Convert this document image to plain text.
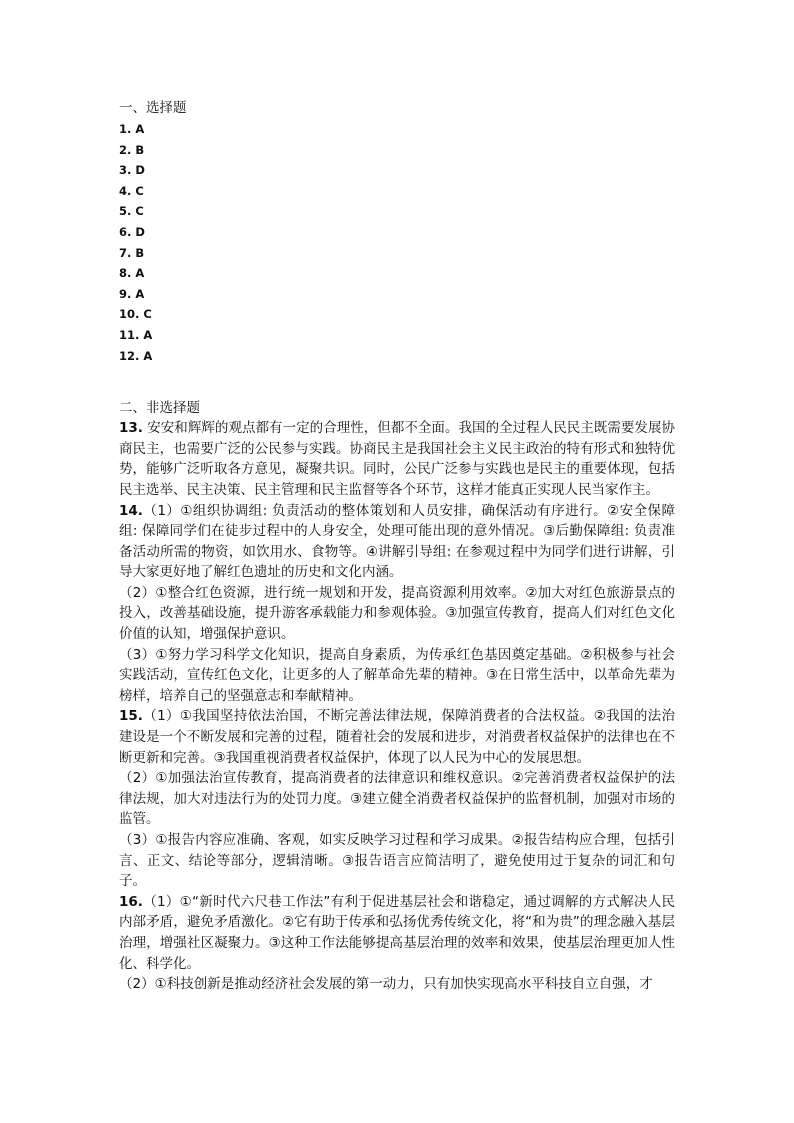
一、选择题
1. A
2. B
3. D
4. C
5. C
6. D
7. B
8. A
9. A
10. C
11. A
12. A
二、非选择题

13. 安安和辉辉的观点都有一定的合理性，但都不全面。我国的全过程人民民主既需要发展协商民主，也需要广泛的公民参与实践。协商民主是我国社会主义民主政治的特有形式和独特优势，能够广泛听取各方意见，凝聚共识。同时，公民广泛参与实践也是民主的重要体现，包括民主选举、民主决策、民主管理和民主监督等各个环节，这样才能真正实现人民当家作主。

14.（1）①组织协调组: 负责活动的整体策划和人员安排，确保活动有序进行。②安全保障组: 保障同学们在徒步过程中的人身安全，处理可能出现的意外情况。③后勤保障组: 负责准备活动所需的物资，如饮用水、食物等。④讲解引导组: 在参观过程中为同学们进行讲解，引导大家更好地了解红色遗址的历史和文化内涵。

（2）①整合红色资源，进行统一规划和开发，提高资源利用效率。②加大对红色旅游景点的投入，改善基础设施，提升游客承载能力和参观体验。③加强宣传教育，提高人们对红色文化价值的认知，增强保护意识。

（3）①努力学习科学文化知识，提高自身素质，为传承红色基因奠定基础。②积极参与社会实践活动，宣传红色文化，让更多的人了解革命先辈的精神。③在日常生活中，以革命先辈为榜样，培养自己的坚强意志和奉献精神。

15.（1）①我国坚持依法治国，不断完善法律法规，保障消费者的合法权益。②我国的法治建设是一个不断发展和完善的过程，随着社会的发展和进步，对消费者权益保护的法律也在不断更新和完善。③我国重视消费者权益保护，体现了以人民为中心的发展思想。

（2）①加强法治宣传教育，提高消费者的法律意识和维权意识。②完善消费者权益保护的法律法规，加大对违法行为的处罚力度。③建立健全消费者权益保护的监督机制，加强对市场的监管。

（3）①报告内容应准确、客观，如实反映学习过程和学习成果。②报告结构应合理，包括引言、正文、结论等部分，逻辑清晰。③报告语言应简洁明了，避免使用过于复杂的词汇和句子。

16.（1）①“新时代六尺巷工作法”有利于促进基层社会和谐稳定，通过调解的方式解决人民内部矛盾，避免矛盾激化。②它有助于传承和弘扬优秀传统文化，将“和为贵”的理念融入基层治理，增强社区凝聚力。③这种工作法能够提高基层治理的效率和效果，使基层治理更加人性化、科学化。

（2）①科技创新是推动经济社会发展的第一动力，只有加快实现高水平科技自立自强，才
